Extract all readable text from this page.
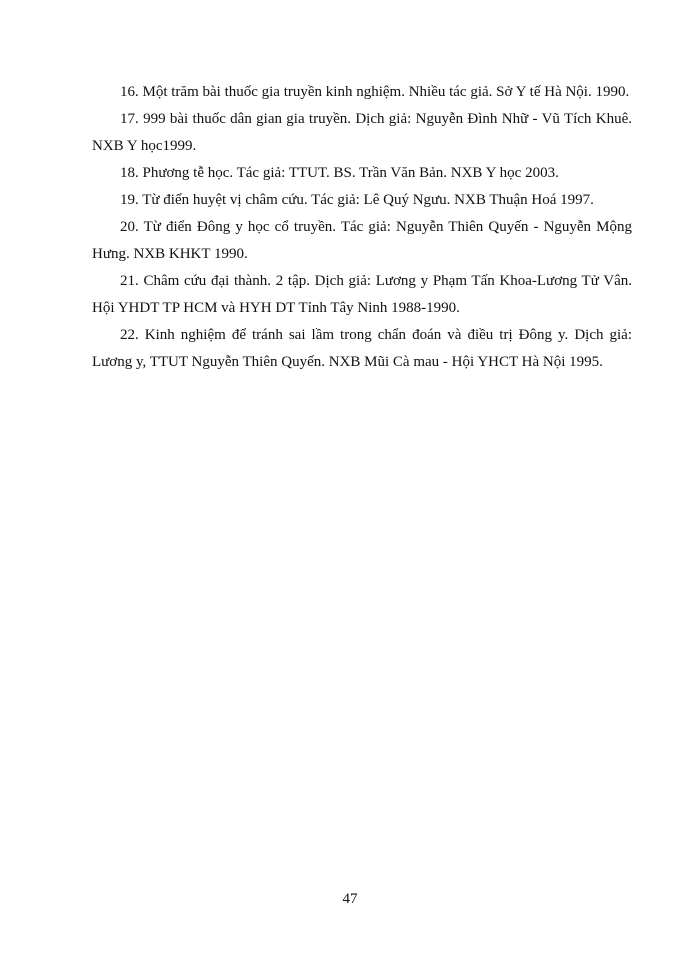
16. Một trăm bài thuốc gia truyền kinh nghiệm. Nhiều tác giả. Sở Y tế Hà Nội. 1990.
17. 999 bài thuốc dân gian gia truyền. Dịch giả: Nguyễn Đình Nhữ - Vũ Tích Khuê. NXB Y học1999.
18. Phương tễ học. Tác giả: TTUT. BS. Trần Văn Bản. NXB Y học 2003.
19. Từ điển huyệt vị châm cứu. Tác giả: Lê Quý Ngưu. NXB Thuận Hoá 1997.
20. Từ điển Đông y học cổ truyền. Tác giả: Nguyễn Thiên Quyến - Nguyễn Mộng Hưng. NXB KHKT 1990.
21. Châm cứu đại thành. 2 tập. Dịch giả: Lương y Phạm Tấn Khoa-Lương Tử Vân. Hội YHDT TP HCM và HYH DT Tỉnh Tây Ninh 1988-1990.
22. Kinh nghiệm để tránh sai lầm trong chẩn đoán và điều trị Đông y. Dịch giả: Lương y, TTUT Nguyễn Thiên Quyến. NXB Mũi Cà mau - Hội YHCT Hà Nội 1995.
47
